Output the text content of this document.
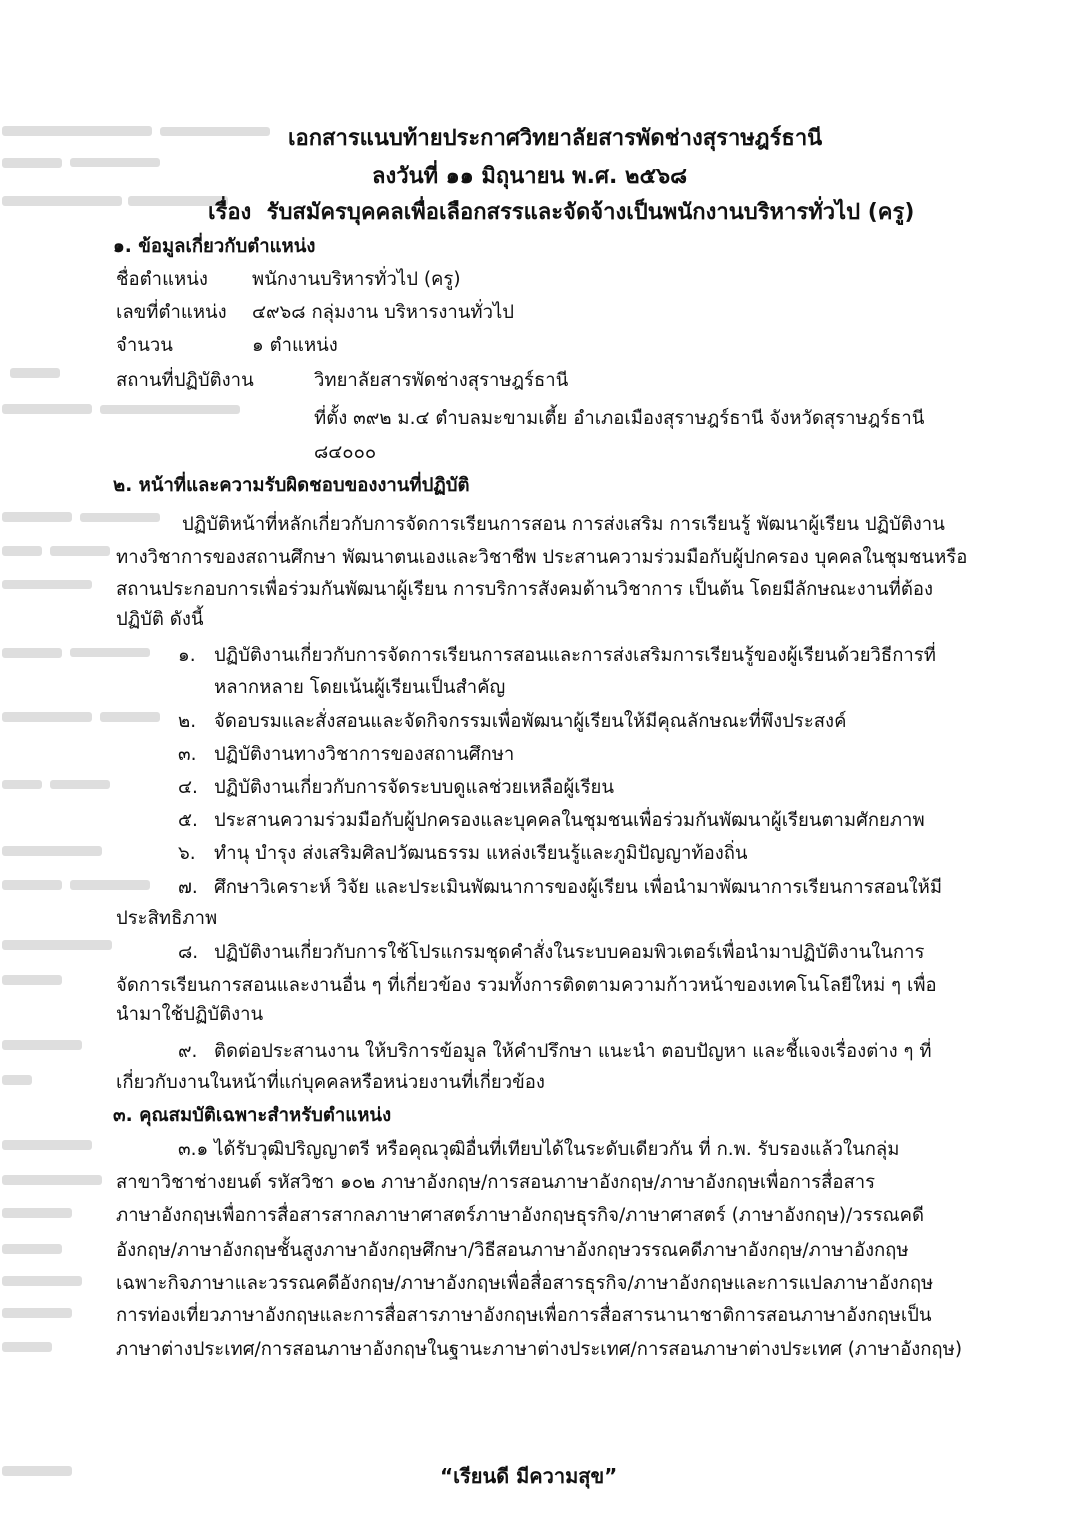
เอกสารแนบท้ายประกาศวิทยาลัยสารพัดช่างสุราษฎร์ธานี
ลงวันที่ ๑๑ มิถุนายน พ.ศ. ๒๕๖๘
เรื่อง รับสมัครบุคคลเพื่อเลือกสรรและจัดจ้างเป็นพนักงานบริหารทั่วไป (ครู)
๑. ข้อมูลเกี่ยวกับตำแหน่ง
ชื่อตำแหน่ง พนักงานบริหารทั่วไป (ครู)
เลขที่ตำแหน่ง ๔๙๖๘ กลุ่มงาน บริหารงานทั่วไป
จำนวน	๑ ตำแหน่ง
สถานที่ปฏิบัติงาน	วิทยาลัยสารพัดช่างสุราษฎร์ธานี
ที่ตั้ง ๓๙๒ ม.๔ ตำบลมะขามเตี้ย อำเภอเมืองสุราษฎร์ธานี จังหวัดสุราษฎร์ธานี
๘๔๐๐๐
๒. หน้าที่และความรับผิดชอบของงานที่ปฏิบัติ
ปฏิบัติหน้าที่หลักเกี่ยวกับการจัดการเรียนการสอน การส่งเสริม การเรียนรู้ พัฒนาผู้เรียน ปฏิบัติงาน
ทางวิชาการของสถานศึกษา พัฒนาตนเองและวิชาชีพ ประสานความร่วมมือกับผู้ปกครอง บุคคลในชุมชนหรือ
สถานประกอบการเพื่อร่วมกันพัฒนาผู้เรียน การบริการสังคมด้านวิชาการ เป็นต้น โดยมีลักษณะงานที่ต้อง
ปฏิบัติ ดังนี้
๑. ปฏิบัติงานเกี่ยวกับการจัดการเรียนการสอนและการส่งเสริมการเรียนรู้ของผู้เรียนด้วยวิธีการที่
หลากหลาย โดยเน้นผู้เรียนเป็นสำคัญ
๒. จัดอบรมและสั่งสอนและจัดกิจกรรมเพื่อพัฒนาผู้เรียนให้มีคุณลักษณะที่พึงประสงค์
๓. ปฏิบัติงานทางวิชาการของสถานศึกษา
๔. ปฏิบัติงานเกี่ยวกับการจัดระบบดูแลช่วยเหลือผู้เรียน
๕. ประสานความร่วมมือกับผู้ปกครองและบุคคลในชุมชนเพื่อร่วมกันพัฒนาผู้เรียนตามศักยภาพ
๖. ทำนุ บำรุง ส่งเสริมศิลปวัฒนธรรม แหล่งเรียนรู้และภูมิปัญญาท้องถิ่น
๗. ศึกษาวิเคราะห์ วิจัย และประเมินพัฒนาการของผู้เรียน เพื่อนำมาพัฒนาการเรียนการสอนให้มี
ประสิทธิภาพ
๘. ปฏิบัติงานเกี่ยวกับการใช้โปรแกรมชุดคำสั่งในระบบคอมพิวเตอร์เพื่อนำมาปฏิบัติงานในการ
จัดการเรียนการสอนและงานอื่น ๆ ที่เกี่ยวข้อง รวมทั้งการติดตามความก้าวหน้าของเทคโนโลยีใหม่ ๆ เพื่อ
นำมาใช้ปฏิบัติงาน
๙. ติดต่อประสานงาน ให้บริการข้อมูล ให้คำปรึกษา แนะนำ ตอบปัญหา และชี้แจงเรื่องต่าง ๆ ที่
เกี่ยวกับงานในหน้าที่แก่บุคคลหรือหน่วยงานที่เกี่ยวข้อง
๓. คุณสมบัติเฉพาะสำหรับตำแหน่ง
๓.๑ ได้รับวุฒิปริญญาตรี หรือคุณวุฒิอื่นที่เทียบได้ในระดับเดียวกัน ที่ ก.พ. รับรองแล้วในกลุ่ม
สาขาวิชาช่างยนต์ รหัสวิชา ๑๐๒ ภาษาอังกฤษ/การสอนภาษาอังกฤษ/ภาษาอังกฤษเพื่อการสื่อสาร
ภาษาอังกฤษเพื่อการสื่อสารสากลภาษาศาสตร์ภาษาอังกฤษธุรกิจ/ภาษาศาสตร์ (ภาษาอังกฤษ)/วรรณคดี
อังกฤษ/ภาษาอังกฤษชั้นสูงภาษาอังกฤษศึกษา/วิธีสอนภาษาอังกฤษวรรณคดีภาษาอังกฤษ/ภาษาอังกฤษ
เฉพาะกิจภาษาและวรรณคดีอังกฤษ/ภาษาอังกฤษเพื่อสื่อสารธุรกิจ/ภาษาอังกฤษและการแปลภาษาอังกฤษ
การท่องเที่ยวภาษาอังกฤษและการสื่อสารภาษาอังกฤษเพื่อการสื่อสารนานาชาติการสอนภาษาอังกฤษเป็น
ภาษาต่างประเทศ/การสอนภาษาอังกฤษในฐานะภาษาต่างประเทศ/การสอนภาษาต่างประเทศ (ภาษาอังกฤษ)
“เรียนดี มีความสุข”
